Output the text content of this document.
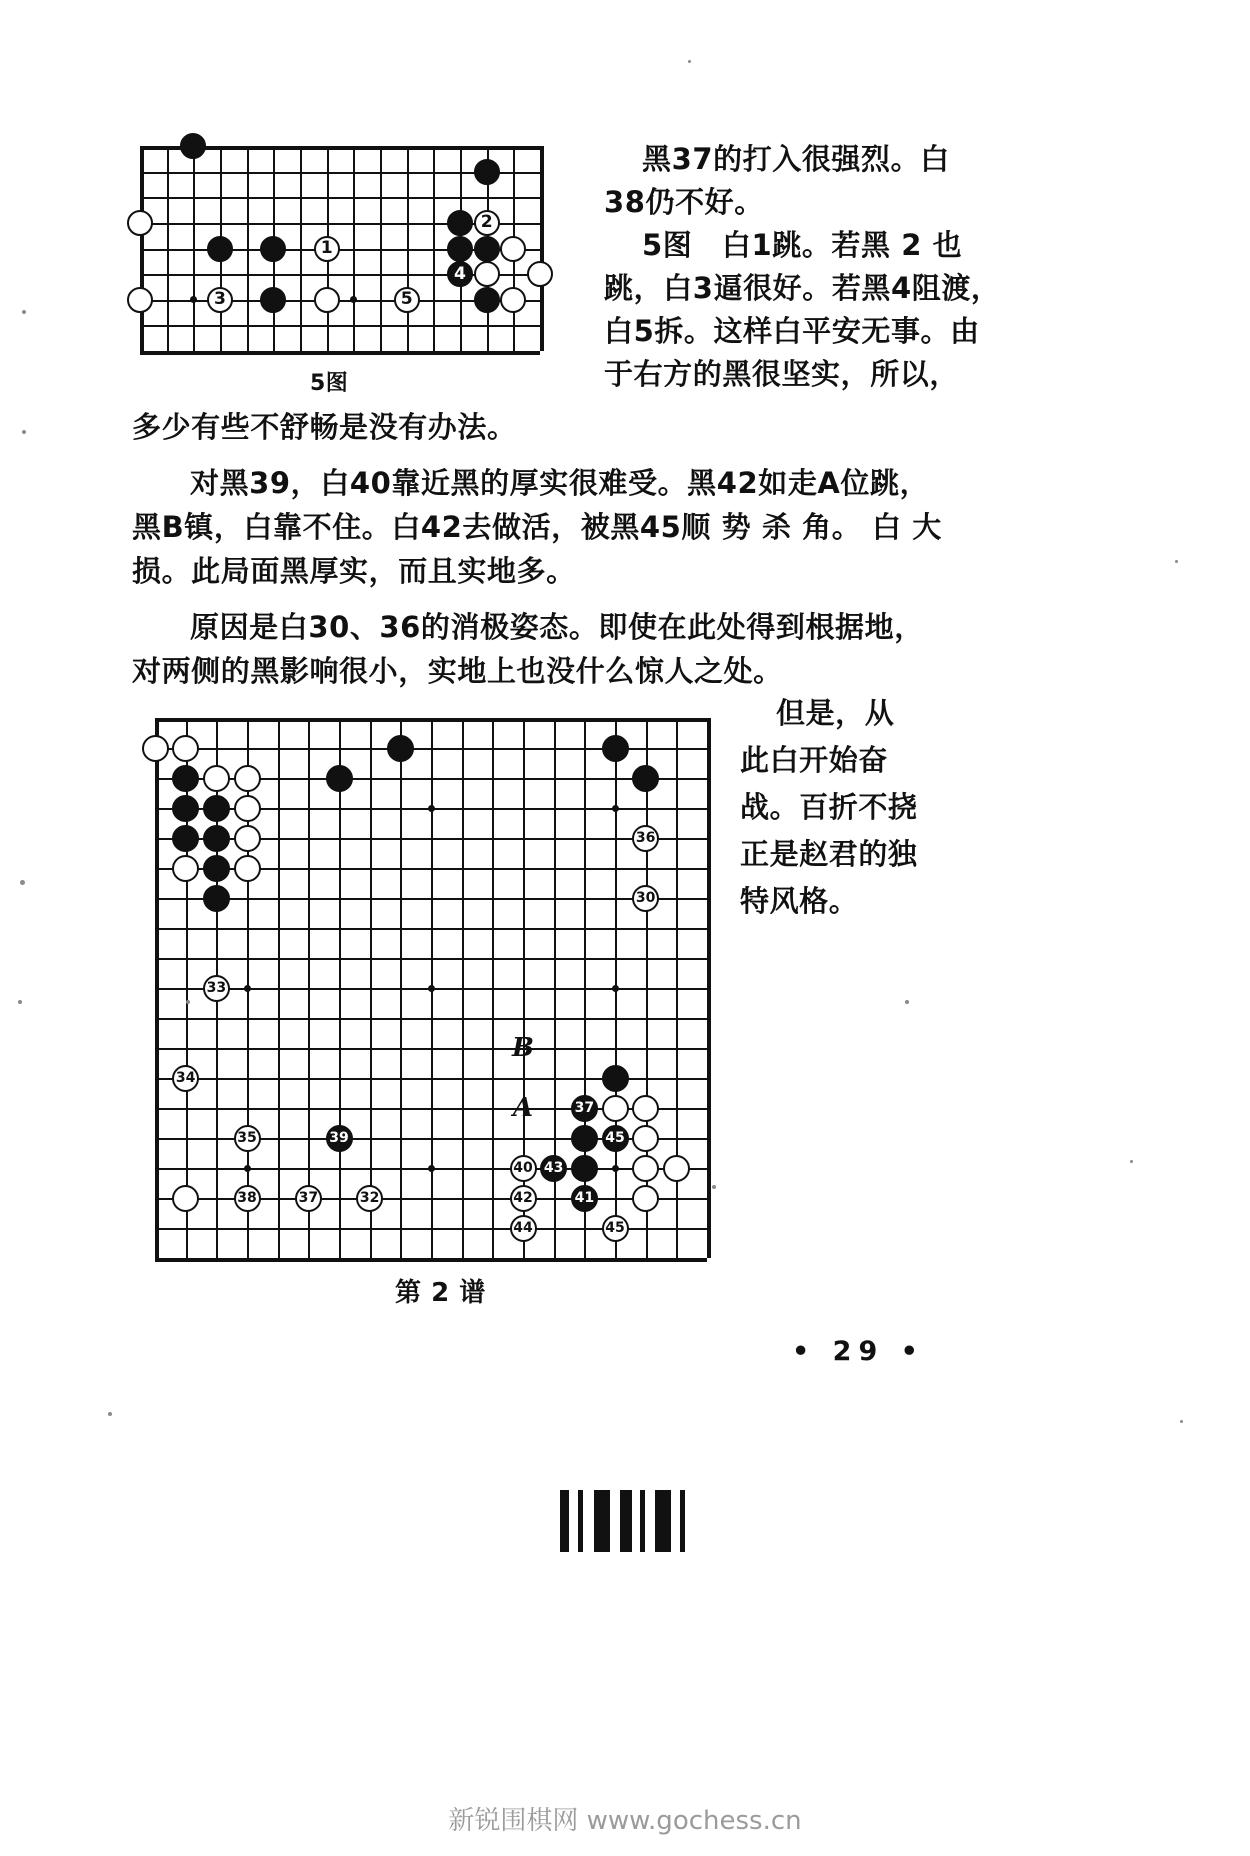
1
3	5
2
4
5图
黑37的打入很强烈。白
38仍不好。
5图　白1跳。若黑 2 也
跳，白3逼很好。若黑4阻渡，
白5拆。这样白平安无事。由
于右方的黑很坚实，所以，
多少有些不舒畅是没有办法。
对黑39，白40靠近黑的厚实很难受。黑42如走A位跳，
黑B镇，白靠不住。白42去做活，被黑45顺 势 杀 角。 白 大
损。此局面黑厚实，而且实地多。
原因是白30、36的消极姿态。即使在此处得到根据地，
对两侧的黑影响很小，实地上也没什么惊人之处。
B
A
36
30
33
34
37
35	39	45
40 43
38	37	32	42	41
44	45
第 2 谱
但是，从
此白开始奋
战。百折不挠
正是赵君的独
特风格。
• 29 •
新锐围棋网 www.gochess.cn
